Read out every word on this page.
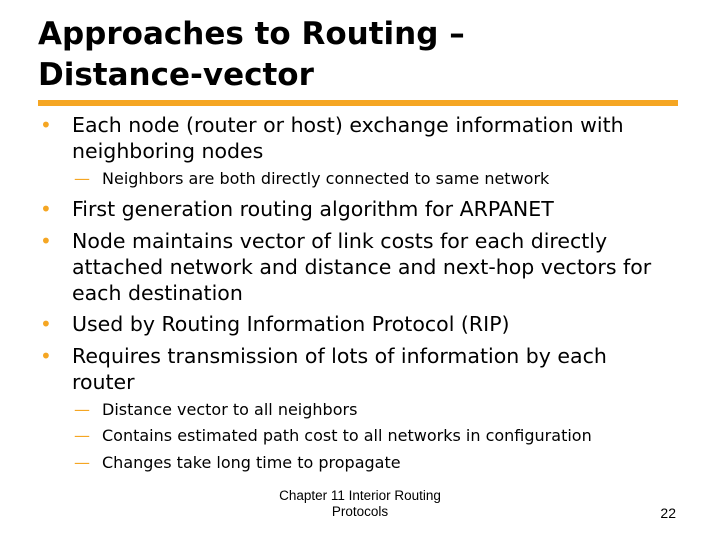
Approaches to Routing –
Distance-vector
• Each node (router or host) exchange information with
neighboring nodes
— Neighbors are both directly connected to same network
• First generation routing algorithm for ARPANET
• Node maintains vector of link costs for each directly
attached network and distance and next-hop vectors for
each destination
• Used by Routing Information Protocol (RIP)
• Requires transmission of lots of information by each
router
— Distance vector to all neighbors
— Contains estimated path cost to all networks in configuration
— Changes take long time to propagate
Chapter 11 Interior Routing
Protocols	22
